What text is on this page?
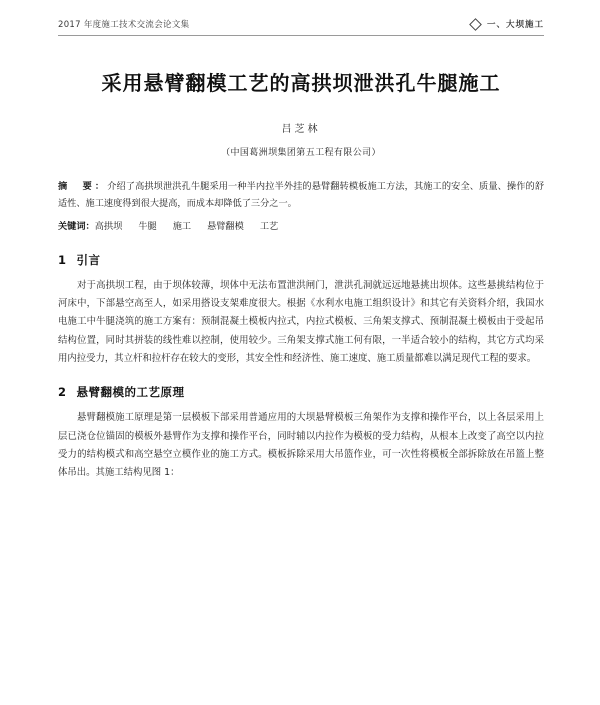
2017 年度施工技术交流会论文集	一、大坝施工
采用悬臂翻模工艺的高拱坝泄洪孔牛腿施工
吕芝林
（中国葛洲坝集团第五工程有限公司）
摘　要：介绍了高拱坝泄洪孔牛腿采用一种半内拉半外挂的悬臂翻转模板施工方法，其施工的安全、质量、操作的舒适性、施工速度得到很大提高，而成本却降低了三分之一。
关键词：高拱坝 牛腿 施工 悬臂翻模 工艺
1 引言
对于高拱坝工程，由于坝体较薄，坝体中无法布置泄洪闸门，泄洪孔洞就远远地悬挑出坝体。这些悬挑结构位于河床中，下部悬空高至人，如采用搭设支架难度很大。根据《水利水电施工组织设计》和其它有关资料介绍，我国水电施工中牛腿浇筑的施工方案有：预制混凝土模板内拉式，内拉式模板、三角架支撑式、预制混凝土模板由于受起吊结构位置，同时其拼装的线性难以控制，使用较少。三角架支撑式施工何有限，一半适合较小的结构，其它方式均采用内拉受力，其立杆和拉杆存在较大的变形，其安全性和经济性、施工速度、施工质量都难以满足现代工程的要求。
2 悬臂翻模的工艺原理
悬臂翻模施工原理是第一层模板下部采用普通应用的大坝悬臂模板三角架作为支撑和操作平台，以上各层采用上层已浇仓位锚固的模板外悬臂作为支撑和操作平台，同时辅以内拉作为模板的受力结构，从根本上改变了高空以内拉受力的结构模式和高空悬空立模作业的施工方式。模板拆除采用大吊篮作业，可一次性将模板全部拆除放在吊篮上整体吊出。其施工结构见图 1：
